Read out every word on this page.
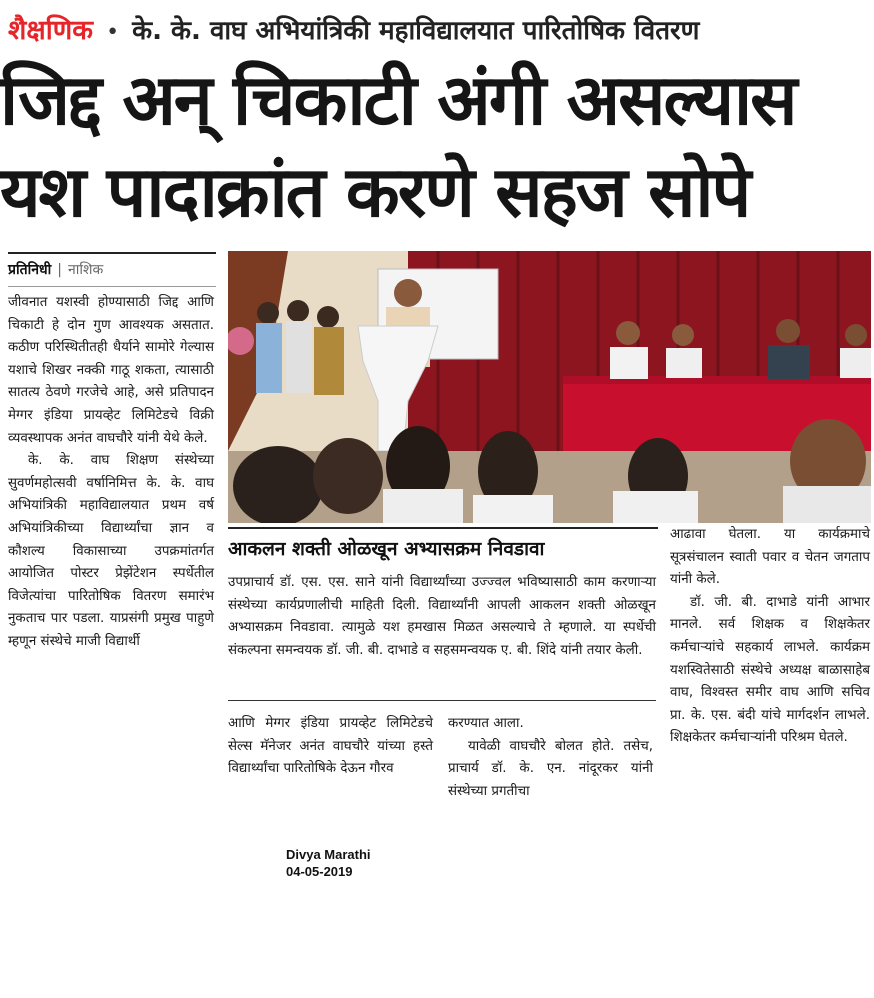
शैक्षणिक • के. के. वाघ अभियांत्रिकी महाविद्यालयात पारितोषिक वितरण
जिद्द अन् चिकाटी अंगी असल्यास
यश पादाक्रांत करणे सहज सोपे
प्रतिनिधी | नाशिक

जीवनात यशस्वी होण्यासाठी जिद्द आणि चिकाटी हे दोन गुण आवश्यक असतात. कठीण परिस्थितीतही धैर्याने सामोरे गेल्यास यशाचे शिखर नक्की गाठू शकता, त्यासाठी सातत्य ठेवणे गरजेचे आहे, असे प्रतिपादन मेग्गर इंडिया प्रायव्हेट लिमिटेडचे विक्री व्यवस्थापक अनंत वाघचौरे यांनी येथे केले.

के. के. वाघ शिक्षण संस्थेच्या सुवर्णमहोत्सवी वर्षानिमित्त के. के. वाघ अभियांत्रिकी महाविद्यालयात प्रथम वर्ष अभियांत्रिकीच्या विद्यार्थ्यांचा ज्ञान व कौशल्य विकासाच्या उपक्रमांतर्गत आयोजित पोस्टर प्रेझेंटेशन स्पर्धेतील विजेत्यांचा पारितोषिक वितरण समारंभ नुकताच पार पडला. याप्रसंगी प्रमुख पाहुणे म्हणून संस्थेचे माजी विद्यार्थी

आकलन शक्ती ओळखून अभ्यासक्रम निवडावा

उपप्राचार्य डॉ. एस. एस. साने यांनी विद्यार्थ्यांच्या उज्ज्वल भविष्यासाठी काम करणाऱ्या संस्थेच्या कार्यप्रणालीची माहिती दिली. विद्यार्थ्यांनी आपली आकलन शक्ती ओळखून अभ्यासक्रम निवडावा. त्यामुळे यश हमखास मिळत असल्याचे ते म्हणाले. या स्पर्धेची संकल्पना समन्वयक डॉ. जी. बी. दाभाडे व सहसमन्वयक ए. बी. शिंदे यांनी तयार केली.

आणि मेग्गर इंडिया प्रायव्हेट लिमिटेडचे सेल्स मॅनेजर अनंत वाघचौरे यांच्या हस्ते विद्यार्थ्यांचा पारितोषिके देऊन गौरव

करण्यात आला.

यावेळी वाघचौरे बोलत होते. तसेच, प्राचार्य डॉ. के. एन. नांदूरकर यांनी संस्थेच्या प्रगतीचा

आढावा घेतला. या कार्यक्रमाचे सूत्रसंचालन स्वाती पवार व चेतन जगताप यांनी केले.

डॉ. जी. बी. दाभाडे यांनी आभार मानले. सर्व शिक्षक व शिक्षकेतर कर्मचाऱ्यांचे सहकार्य लाभले. कार्यक्रम यशस्वितेसाठी संस्थेचे अध्यक्ष बाळासाहेब वाघ, विश्वस्त समीर वाघ आणि सचिव प्रा. के. एस. बंदी यांचे मार्गदर्शन लाभले. शिक्षकेतर कर्मचाऱ्यांनी परिश्रम घेतले.

Divya Marathi
04-05-2019
